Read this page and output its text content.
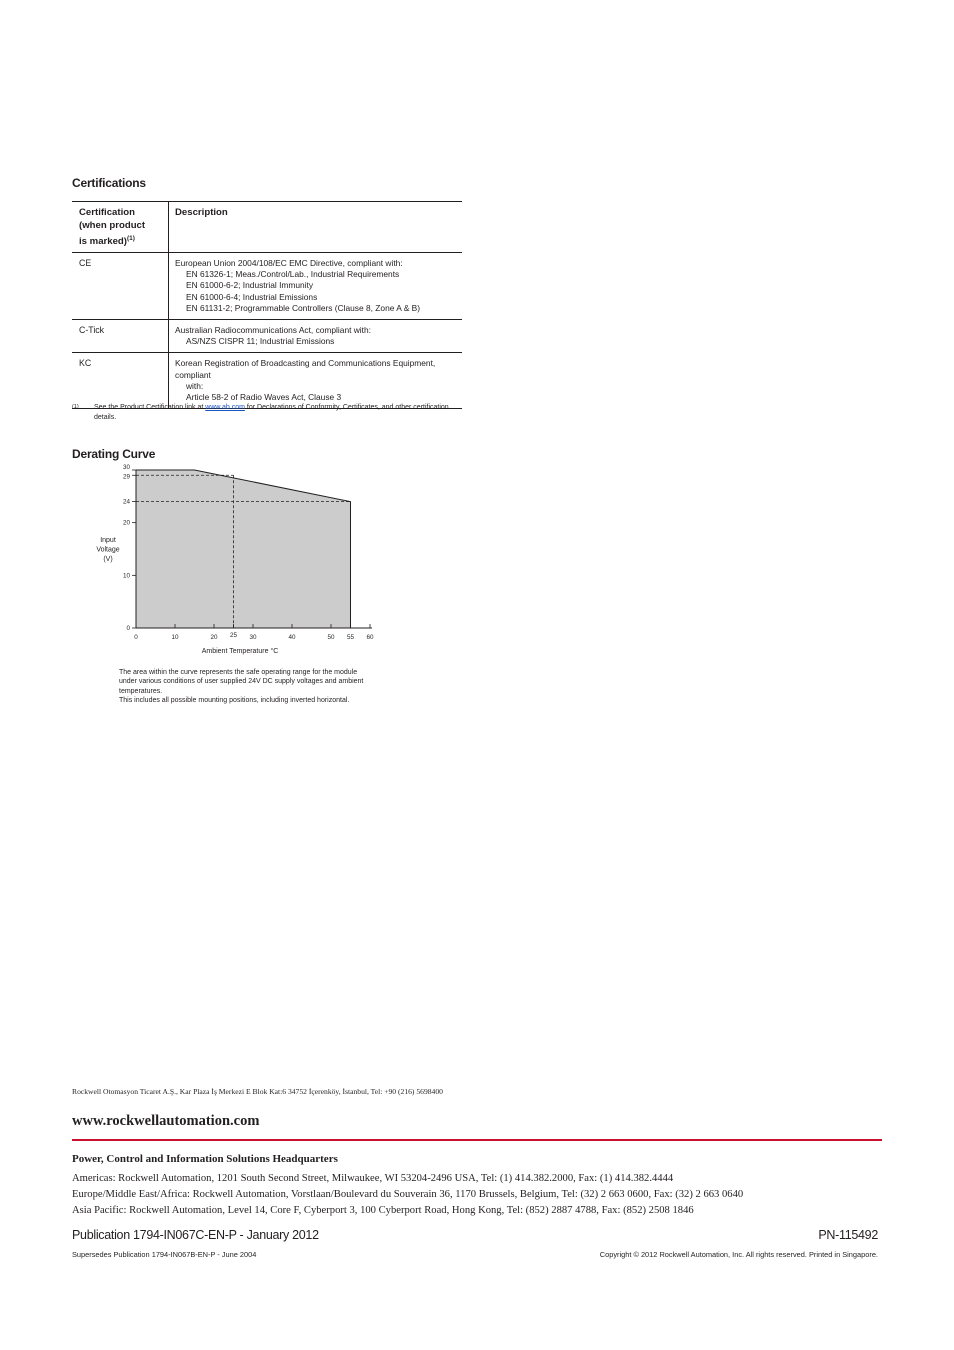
Certifications
Certification (when product is marked)$^{(1)}$	Description
CE	European Union 2004/108/EC EMC Directive, compliant with:
EN 61326-1; Meas./Control/Lab., Industrial Requirements
EN 61000-6-2; Industrial Immunity
EN 61000-6-4; Industrial Emissions
EN 61131-2; Programmable Controllers (Clause 8, Zone A & B)

C-Tick	Australian Radiocommunications Act, compliant with:
AS/NZS CISPR 11; Industrial Emissions

KC	Korean Registration of Broadcasting and Communications Equipment, compliant
with:
Article 58-2 of Radio Waves Act, Clause 3
(1) See the Product Certification link at www.ab.com for Declarations of Conformity, Certificates, and other certification
details.
Derating Curve
0
10
20
24
29
30
0	10	20 25 30	40	50 55 60
Ambient Temperature °C
Input
Voltage
(V)
The area within the curve represents the safe operating range for the module
under various conditions of user supplied 24V DC supply voltages and ambient
temperatures.
This includes all possible mounting positions, including inverted horizontal.
Rockwell Otomasyon Ticaret A.Ş., Kar Plaza İş Merkezi E Blok Kat:6 34752 İçerenköy, İstanbul, Tel: +90 (216) 5698400
www.rockwellautomation.com
Power, Control and Information Solutions Headquarters
Americas: Rockwell Automation, 1201 South Second Street, Milwaukee, WI 53204-2496 USA, Tel: (1) 414.382.2000, Fax: (1) 414.382.4444
Europe/Middle East/Africa: Rockwell Automation, Vorstlaan/Boulevard du Souverain 36, 1170 Brussels, Belgium, Tel: (32) 2 663 0600, Fax: (32) 2 663 0640
Asia Pacific: Rockwell Automation, Level 14, Core F, Cyberport 3, 100 Cyberport Road, Hong Kong, Tel: (852) 2887 4788, Fax: (852) 2508 1846
Publication 1794-IN067C-EN-P - January 2012	PN-115492
Supersedes Publication 1794-IN067B-EN-P - June 2004	Copyright © 2012 Rockwell Automation, Inc. All rights reserved. Printed in Singapore.
